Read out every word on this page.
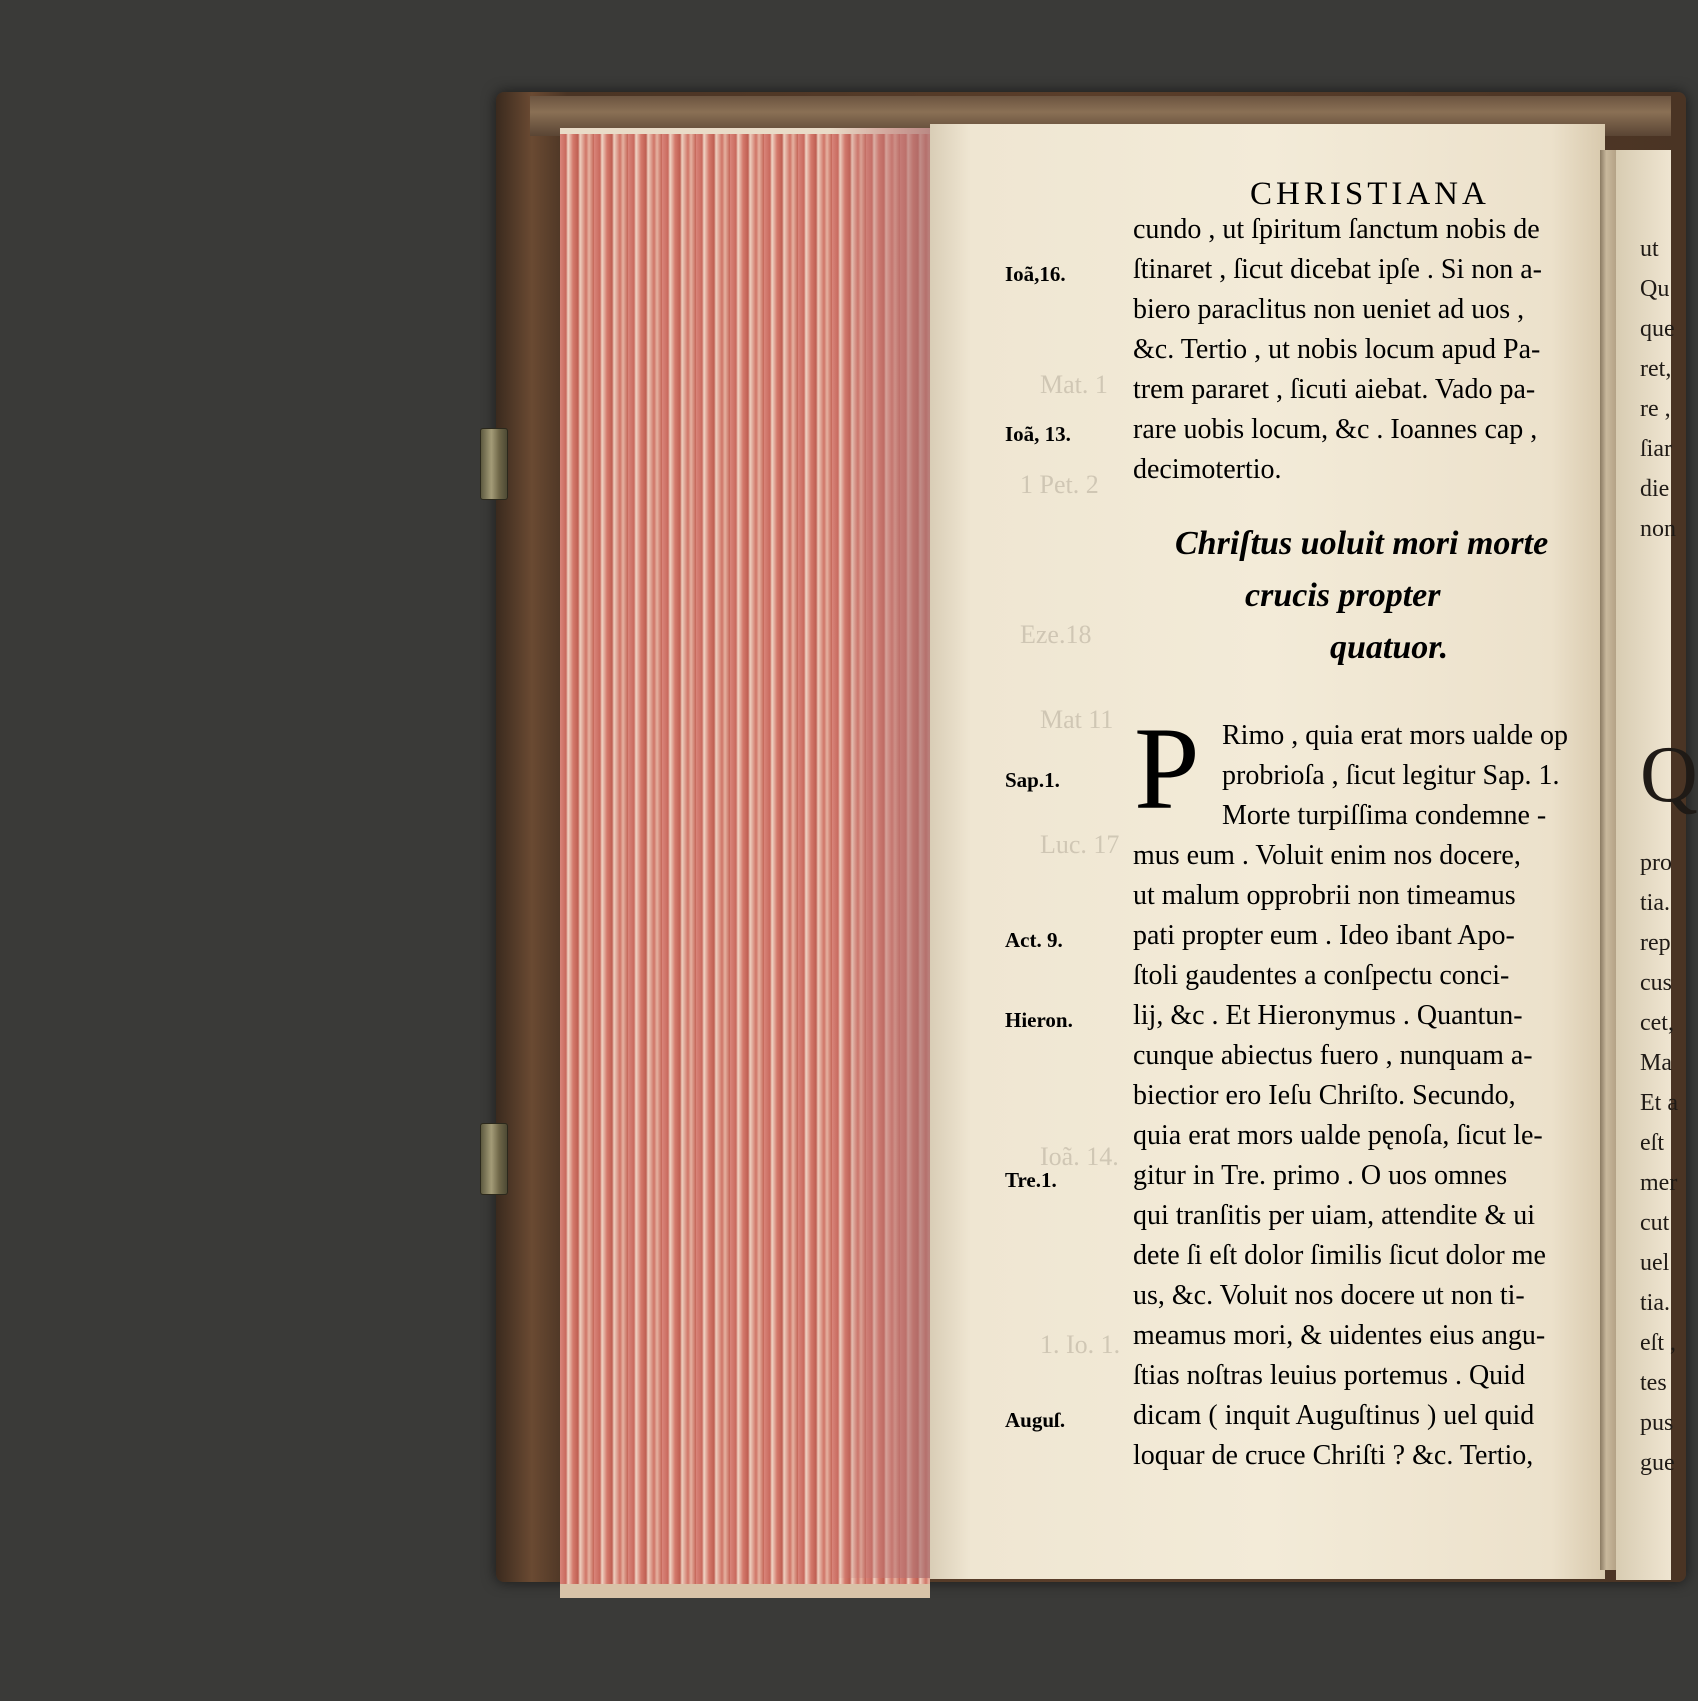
Mat. 1
1 Pet. 2
Eze.18
Mat 11
Luc. 17
Ioã. 14.
1. Io. 1.
CHRISTIANA
cundo , ut ſpiritum ſanctum nobis de
ſtinaret , ſicut dicebat ipſe . Si non a-
biero paraclitus non ueniet ad uos ,
&c. Tertio , ut nobis locum apud Pa-
trem pararet , ſicuti aiebat. Vado pa-
rare uobis locum, &c . Ioannes cap ,
decimotertio.
Chriſtus uoluit mori morte
crucis propter
quatuor.
P Rimo , quia erat mors ualde op
probrioſa , ſicut legitur Sap. 1.
Morte turpiſſima condemne -
mus eum . Voluit enim nos docere,
ut malum opprobrii non timeamus
pati propter eum . Ideo ibant Apo-
ſtoli gaudentes a conſpectu conci-
lij, &c . Et Hieronymus . Quantun-
cunque abiectus fuero , nunquam a-
biectior ero Ieſu Chriſto. Secundo,
quia erat mors ualde pęnoſa, ſicut le-
gitur in Tre. primo . O uos omnes
qui tranſitis per uiam, attendite & ui
dete ſi eſt dolor ſimilis ſicut dolor me
us, &c. Voluit nos docere ut non ti-
meamus mori, & uidentes eius angu-
ſtias noſtras leuius portemus . Quid
dicam ( inquit Auguſtinus ) uel quid
loquar de cruce Chriſti ? &c. Tertio,
Ioã,16.
Ioã, 13.
Sap.1.
Act. 9.
Hieron.
Tre.1.
Auguſ.
ut
Qu
que
ret,
re ,
ſiar
die
non
Q
pro
tia.
rep
cus
cet,
Ma
Et a
eſt
mer
cut
uel
tia.
eſt ,
tes
pus
gue
